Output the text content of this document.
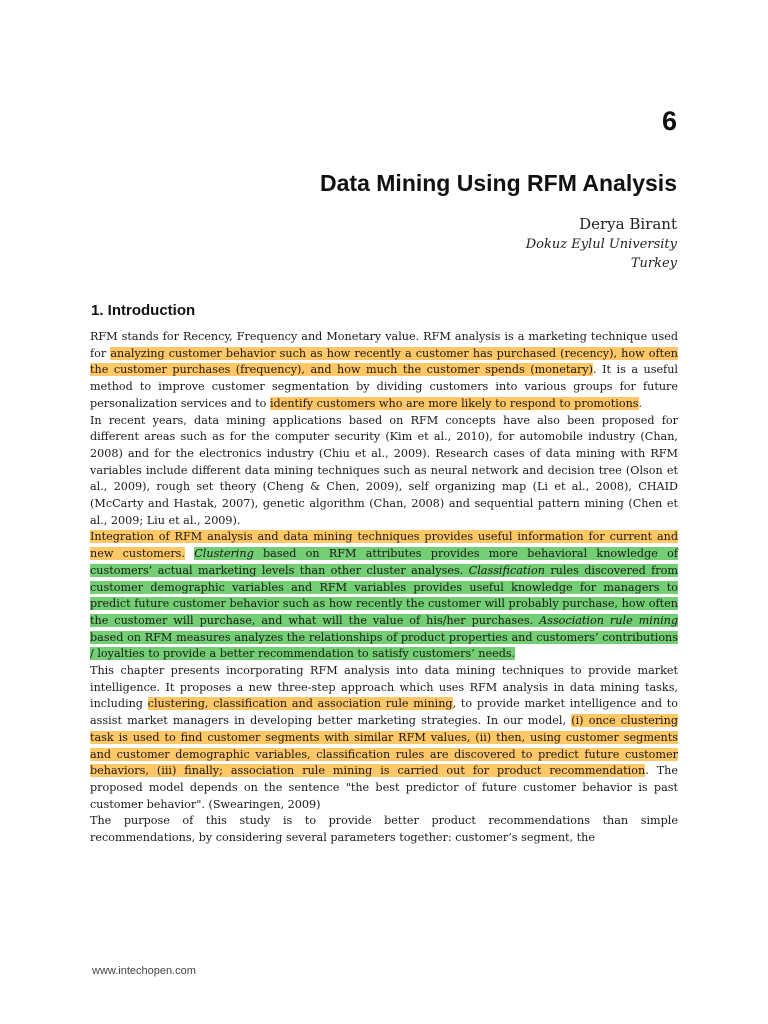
6
Data Mining Using RFM Analysis
Derya Birant
Dokuz Eylul University
Turkey
1. Introduction

RFM stands for Recency, Frequency and Monetary value. RFM analysis is a marketing technique used for analyzing customer behavior such as how recently a customer has purchased (recency), how often the customer purchases (frequency), and how much the customer spends (monetary). It is a useful method to improve customer segmentation by dividing customers into various groups for future personalization services and to identify customers who are more likely to respond to promotions.

In recent years, data mining applications based on RFM concepts have also been proposed for different areas such as for the computer security (Kim et al., 2010), for automobile industry (Chan, 2008) and for the electronics industry (Chiu et al., 2009). Research cases of data mining with RFM variables include different data mining techniques such as neural network and decision tree (Olson et al., 2009), rough set theory (Cheng & Chen, 2009), self organizing map (Li et al., 2008), CHAID (McCarty and Hastak, 2007), genetic algorithm (Chan, 2008) and sequential pattern mining (Chen et al., 2009; Liu et al., 2009).

Integration of RFM analysis and data mining techniques provides useful information for current and new customers. Clustering based on RFM attributes provides more behavioral knowledge of customers’ actual marketing levels than other cluster analyses. Classification rules discovered from customer demographic variables and RFM variables provides useful knowledge for managers to predict future customer behavior such as how recently the customer will probably purchase, how often the customer will purchase, and what will the value of his/her purchases. Association rule mining based on RFM measures analyzes the relationships of product properties and customers’ contributions / loyalties to provide a better recommendation to satisfy customers’ needs.

This chapter presents incorporating RFM analysis into data mining techniques to provide market intelligence. It proposes a new three-step approach which uses RFM analysis in data mining tasks, including clustering, classification and association rule mining, to provide market intelligence and to assist market managers in developing better marketing strategies. In our model, (i) once clustering task is used to find customer segments with similar RFM values, (ii) then, using customer segments and customer demographic variables, classification rules are discovered to predict future customer behaviors, (iii) finally; association rule mining is carried out for product recommendation. The proposed model depends on the sentence "the best predictor of future customer behavior is past customer behavior". (Swearingen, 2009)

The purpose of this study is to provide better product recommendations than simple recommendations, by considering several parameters together: customer’s segment, the

www.intechopen.com
